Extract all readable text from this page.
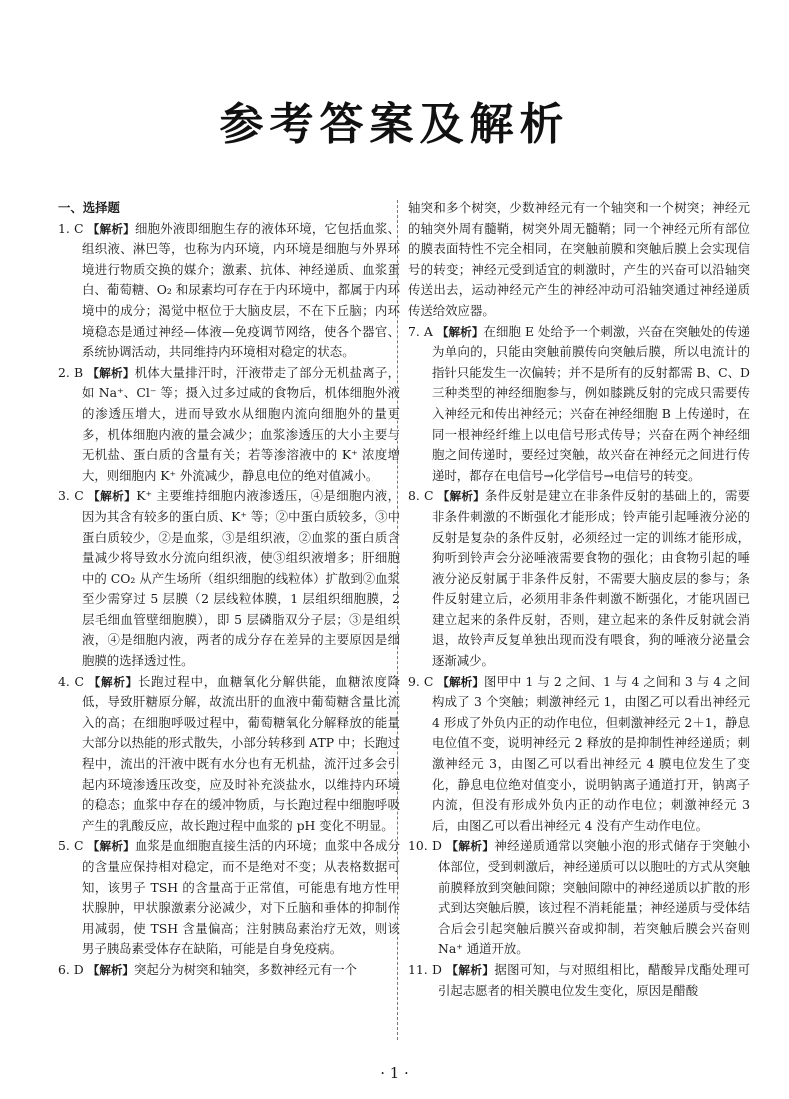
参考答案及解析

一、选择题

1. C 【解析】细胞外液即细胞生存的液体环境，它包括血浆、组织液、淋巴等，也称为内环境，内环境是细胞与外界环境进行物质交换的媒介；激素、抗体、神经递质、血浆蛋白、葡萄糖、O₂ 和尿素均可存在于内环境中，都属于内环境中的成分；渴觉中枢位于大脑皮层，不在下丘脑；内环境稳态是通过神经—体液—免疫调节网络，使各个器官、系统协调活动，共同维持内环境相对稳定的状态。

2. B 【解析】机体大量排汗时，汗液带走了部分无机盐离子，如 Na⁺、Cl⁻ 等；摄入过多过咸的食物后，机体细胞外液的渗透压增大，进而导致水从细胞内流向细胞外的量更多，机体细胞内液的量会减少；血浆渗透压的大小主要与无机盐、蛋白质的含量有关；若等渗溶液中的 K⁺ 浓度增大，则细胞内 K⁺ 外流减少，静息电位的绝对值减小。

3. C 【解析】K⁺ 主要维持细胞内液渗透压，④是细胞内液，因为其含有较多的蛋白质、K⁺ 等；②中蛋白质较多，③中蛋白质较少，②是血浆，③是组织液，②血浆的蛋白质含量减少将导致水分流向组织液，使③组织液增多；肝细胞中的 CO₂ 从产生场所（组织细胞的线粒体）扩散到②血浆至少需穿过 5 层膜（2 层线粒体膜，1 层组织细胞膜，2 层毛细血管壁细胞膜），即 5 层磷脂双分子层；③是组织液，④是细胞内液，两者的成分存在差异的主要原因是细胞膜的选择透过性。

4. C 【解析】长跑过程中，血糖氧化分解供能，血糖浓度降低，导致肝糖原分解，故流出肝的血液中葡萄糖含量比流入的高；在细胞呼吸过程中，葡萄糖氧化分解释放的能量大部分以热能的形式散失，小部分转移到 ATP 中；长跑过程中，流出的汗液中既有水分也有无机盐，流汗过多会引起内环境渗透压改变，应及时补充淡盐水，以维持内环境的稳态；血浆中存在的缓冲物质，与长跑过程中细胞呼吸产生的乳酸反应，故长跑过程中血浆的 pH 变化不明显。

5. C 【解析】血浆是血细胞直接生活的内环境；血浆中各成分的含量应保持相对稳定，而不是绝对不变；从表格数据可知，该男子 TSH 的含量高于正常值，可能患有地方性甲状腺肿，甲状腺激素分泌减少，对下丘脑和垂体的抑制作用减弱，使 TSH 含量偏高；注射胰岛素治疗无效，则该男子胰岛素受体存在缺陷，可能是自身免疫病。

6. D 【解析】突起分为树突和轴突，多数神经元有一个

轴突和多个树突，少数神经元有一个轴突和一个树突；神经元的轴突外周有髓鞘，树突外周无髓鞘；同一个神经元所有部位的膜表面特性不完全相同，在突触前膜和突触后膜上会实现信号的转变；神经元受到适宜的刺激时，产生的兴奋可以沿轴突传送出去，运动神经元产生的神经冲动可沿轴突通过神经递质传送给效应器。

7. A 【解析】在细胞 E 处给予一个刺激，兴奋在突触处的传递为单向的，只能由突触前膜传向突触后膜，所以电流计的指针只能发生一次偏转；并不是所有的反射都需 B、C、D 三种类型的神经细胞参与，例如膝跳反射的完成只需要传入神经元和传出神经元；兴奋在神经细胞 B 上传递时，在同一根神经纤维上以电信号形式传导；兴奋在两个神经细胞之间传递时，要经过突触，故兴奋在神经元之间进行传递时，都存在电信号→化学信号→电信号的转变。

8. C 【解析】条件反射是建立在非条件反射的基础上的，需要非条件刺激的不断强化才能形成；铃声能引起唾液分泌的反射是复杂的条件反射，必须经过一定的训练才能形成，狗听到铃声会分泌唾液需要食物的强化；由食物引起的唾液分泌反射属于非条件反射，不需要大脑皮层的参与；条件反射建立后，必须用非条件刺激不断强化，才能巩固已建立起来的条件反射，否则，建立起来的条件反射就会消退，故铃声反复单独出现而没有喂食，狗的唾液分泌量会逐渐减少。

9. C 【解析】图甲中 1 与 2 之间、1 与 4 之间和 3 与 4 之间构成了 3 个突触；刺激神经元 1，由图乙可以看出神经元 4 形成了外负内正的动作电位，但刺激神经元 2＋1，静息电位值不变，说明神经元 2 释放的是抑制性神经递质；刺激神经元 3，由图乙可以看出神经元 4 膜电位发生了变化，静息电位绝对值变小，说明钠离子通道打开，钠离子内流，但没有形成外负内正的动作电位；刺激神经元 3 后，由图乙可以看出神经元 4 没有产生动作电位。

10. D 【解析】神经递质通常以突触小泡的形式储存于突触小体部位，受到刺激后，神经递质可以以胞吐的方式从突触前膜释放到突触间隙；突触间隙中的神经递质以扩散的形式到达突触后膜，该过程不消耗能量；神经递质与受体结合后会引起突触后膜兴奋或抑制，若突触后膜会兴奋则 Na⁺ 通道开放。

11. D 【解析】据图可知，与对照组相比，醋酸异戊酯处理可引起志愿者的相关膜电位发生变化，原因是醋酸

· 1 ·
